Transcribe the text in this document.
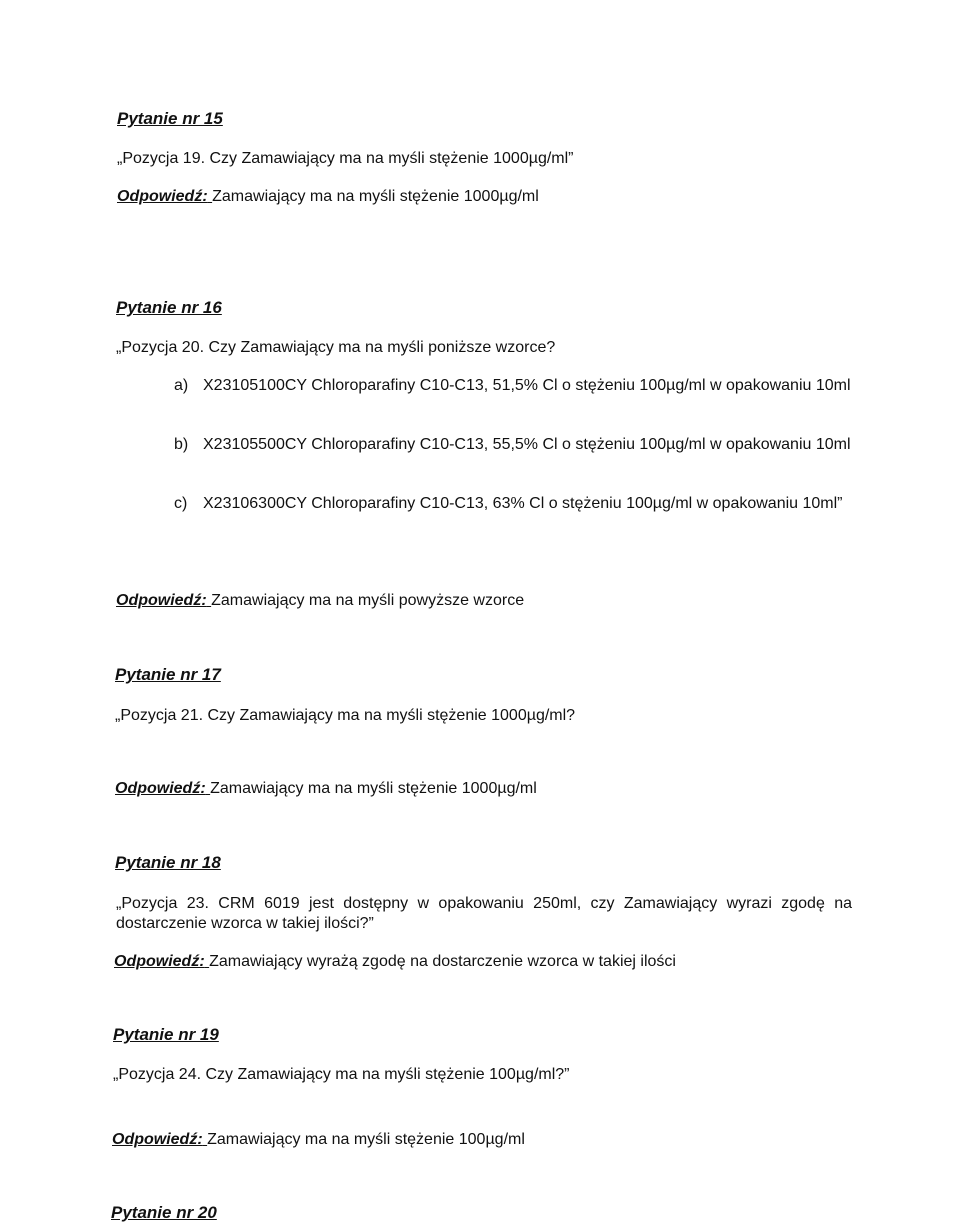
Pytanie nr 15
„Pozycja 19. Czy Zamawiający ma na myśli stężenie 1000µg/ml”
Odpowiedź: Zamawiający ma na myśli stężenie 1000µg/ml
Pytanie nr 16
„Pozycja 20. Czy Zamawiający ma na myśli poniższe wzorce?
a) X23105100CY Chloroparafiny C10-C13, 51,5% Cl o stężeniu 100µg/ml w opakowaniu 10ml
b) X23105500CY Chloroparafiny C10-C13, 55,5% Cl o stężeniu 100µg/ml w opakowaniu 10ml
c) X23106300CY Chloroparafiny C10-C13, 63% Cl o stężeniu 100µg/ml w opakowaniu 10ml”
Odpowiedź: Zamawiający ma na myśli powyższe wzorce
Pytanie nr 17
„Pozycja 21. Czy Zamawiający ma na myśli stężenie 1000µg/ml?
Odpowiedź: Zamawiający ma na myśli stężenie 1000µg/ml
Pytanie nr 18
„Pozycja 23. CRM 6019 jest dostępny w opakowaniu 250ml, czy Zamawiający wyrazi zgodę na dostarczenie wzorca w takiej ilości?”
Odpowiedź: Zamawiający wyrażą zgodę na dostarczenie wzorca w takiej ilości
Pytanie nr 19
„Pozycja 24. Czy Zamawiający ma na myśli stężenie 100µg/ml?”
Odpowiedź: Zamawiający ma na myśli stężenie 100µg/ml
Pytanie nr 20
